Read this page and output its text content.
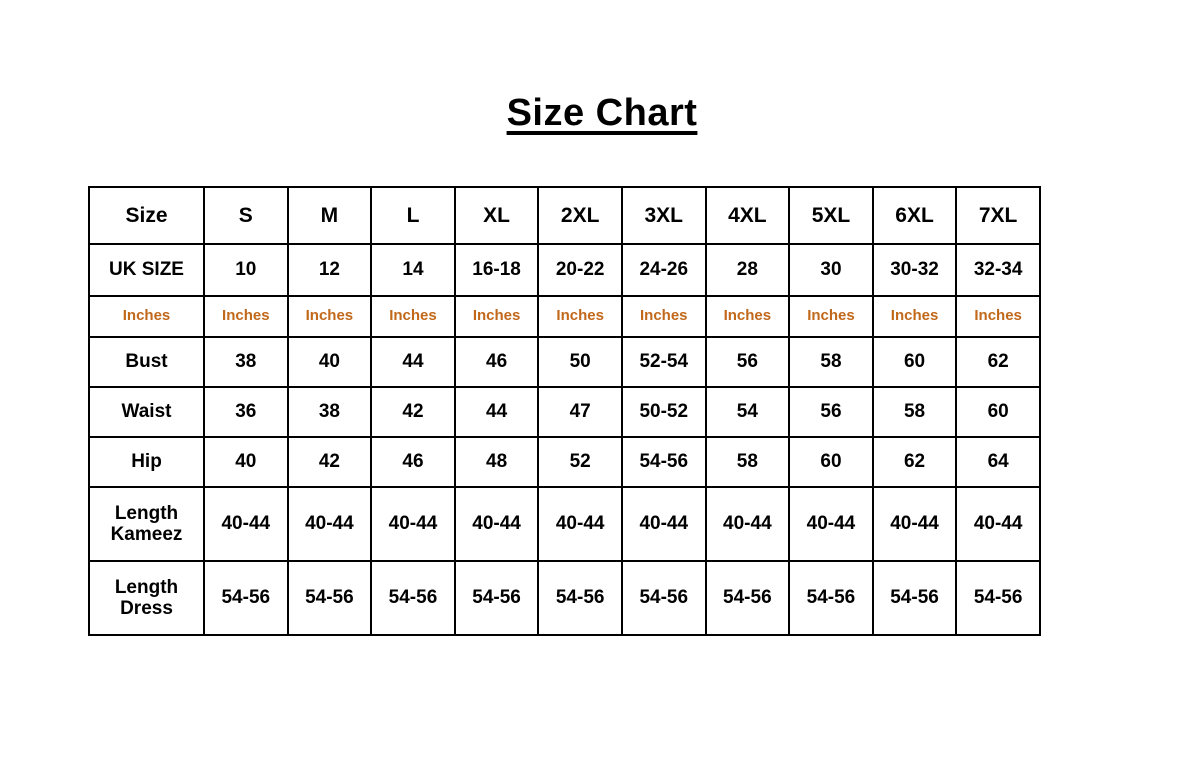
Size Chart
Size	S	M	L	XL	2XL	3XL	4XL	5XL	6XL	7XL
UK SIZE	10	12	14	16-18	20-22	24-26	28	30	30-32	32-34
Inches	Inches	Inches	Inches	Inches	Inches	Inches	Inches	Inches	Inches	Inches
Bust	38	40	44	46	50	52-54	56	58	60	62
Waist	36	38	42	44	47	50-52	54	56	58	60
Hip	40	42	46	48	52	54-56	58	60	62	64
Length
Kameez	40-44	40-44	40-44	40-44	40-44	40-44	40-44	40-44	40-44	40-44
Length
Dress	54-56	54-56	54-56	54-56	54-56	54-56	54-56	54-56	54-56	54-56
